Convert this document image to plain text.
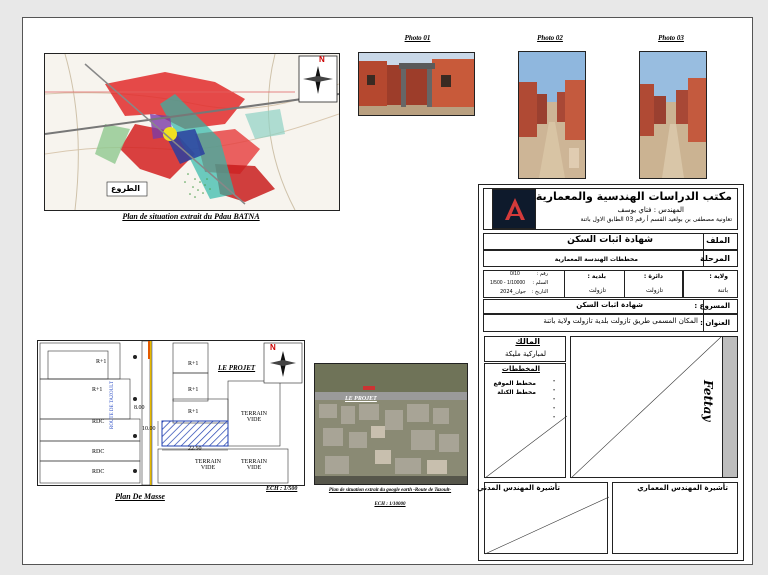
N
الطروع
Plan de situation extrait du Pdau BATNA
Photo 01	Photo 02	Photo 03
N
LE PROJET
R+1
R+1
RDC
RDC
RDC
R+1
R+1
R+1	TERRAIN VIDE
TERRAIN VIDE
TERRAIN VIDE
22.50
10.00
8.00
ROUTE DE TAZOULT
ECH : 1/500
Plan De Masse
LE PROJET
Plan de situation extrait du google earth -Route de Tazoult-
ECH : 1/10000
مكتب الدراسات الهندسية والمعمارية
المهندس : فتاي يوسف
تعاونية مصطفى بن بولعيد القسم أ رقم 03 الطابق الاول باتنة
الملف
شهادة اثبات السكن
المرحلة
مخططات الهندسة المعمارية
ولاية :
باتنة
دائرة :
تازولت
بلدية :
تازولت
رقم :
0/10
السلم :
1/500 - 1/10000
التاريخ :
2024_جوان
المسروع :
شهادة اثبات السكن
العنوان :
المكان المسمى طريق تازولت بلدية تازولت ولاية باتنة
المالك
لمباركية مليكة
المخططات
مخطط الموقع
مخطط الكتلة
•
•
•
•
•	Fettay
تأشيرة المهندس المدني	تأشيرة المهندس المعماري
